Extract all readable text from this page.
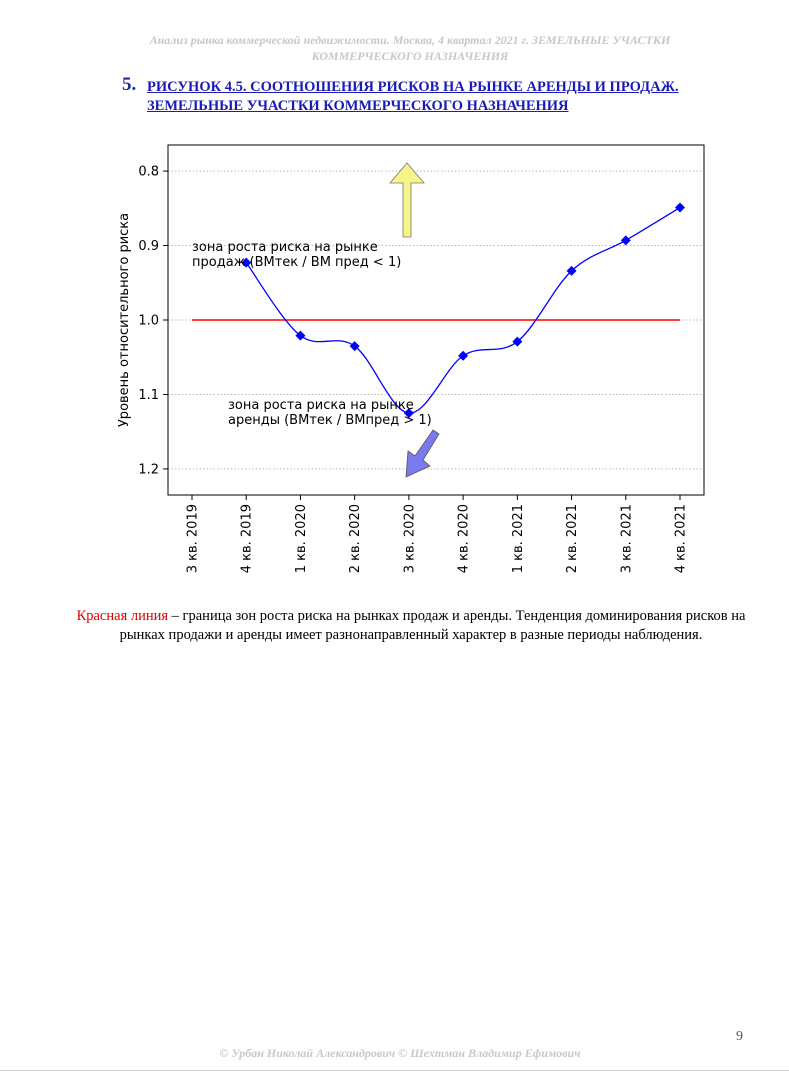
Анализ рынка коммерческой недвижимости. Москва, 4 квартал 2021 г. ЗЕМЕЛЬНЫЕ УЧАСТКИ
КОММЕРЧЕСКОГО НАЗНАЧЕНИЯ
5. РИСУНОК 4.5. СООТНОШЕНИЯ РИСКОВ НА РЫНКЕ АРЕНДЫ И ПРОДАЖ. ЗЕМЕЛЬНЫЕ УЧАСТКИ КОММЕРЧЕСКОГО НАЗНАЧЕНИЯ
0.8
0.9
1.0
1.1
1.2
3 кв. 2019	4 кв. 2019	1 кв. 2020	2 кв. 2020	3 кв. 2020	4 кв. 2020	1 кв. 2021	2 кв. 2021	3 кв. 2021	4 кв. 2021
Уровень относительного риска	зона роста риска на рынке
продаж (ВМтек / ВМ пред < 1)
зона роста риска на рынке
аренды (ВМтек / ВМпред > 1)
Красная линия – граница зон роста риска на рынках продаж и аренды. Тенденция доминирования рисков на рынках продажи и аренды имеет разнонаправленный характер в разные периоды наблюдения.
9
© Урбан Николай Александрович © Шехтман Владимир Ефимович
